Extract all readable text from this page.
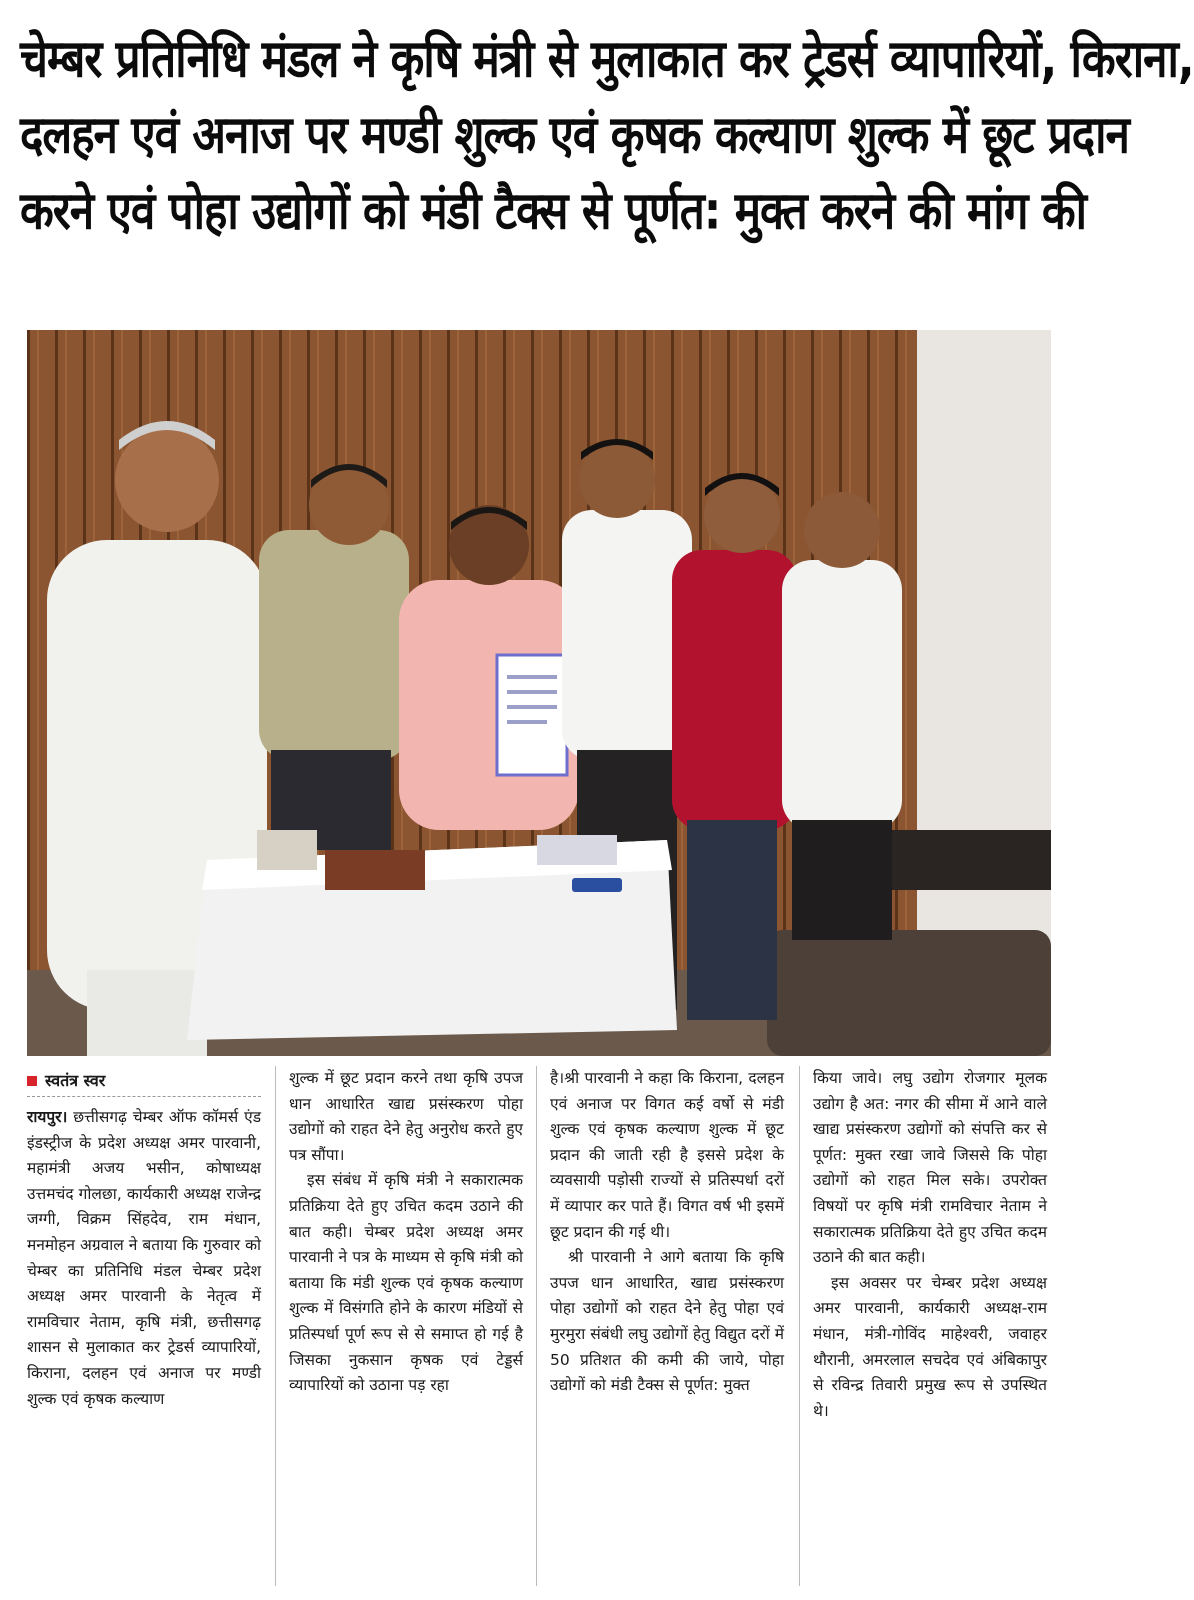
चेम्बर प्रतिनिधि मंडल ने कृषि मंत्री से मुलाकात कर ट्रेडर्स व्यापारियों, किराना,
दलहन एवं अनाज पर मण्डी शुल्क एवं कृषक कल्याण शुल्क में छूट प्रदान
करने एवं पोहा उद्योगों को मंडी टैक्स से पूर्णत: मुक्त करने की मांग की
स्वतंत्र स्वर

रायपुर। छत्तीसगढ़ चेम्बर ऑफ कॉमर्स एंड इंडस्ट्रीज के प्रदेश अध्यक्ष अमर पारवानी, महामंत्री अजय भसीन, कोषाध्यक्ष उत्तमचंद गोलछा, कार्यकारी अध्यक्ष राजेन्द्र जग्गी, विक्रम सिंहदेव, राम मंधान, मनमोहन अग्रवाल ने बताया कि गुरुवार को चेम्बर का प्रतिनिधि मंडल चेम्बर प्रदेश अध्यक्ष अमर पारवानी के नेतृत्व में रामविचार नेताम, कृषि मंत्री, छत्तीसगढ़ शासन से मुलाकात कर ट्रेडर्स व्यापारियों, किराना, दलहन एवं अनाज पर मण्डी शुल्क एवं कृषक कल्याण

शुल्क में छूट प्रदान करने तथा कृषि उपज धान आधारित खाद्य प्रसंस्करण पोहा उद्योगों को राहत देने हेतु अनुरोध करते हुए पत्र सौंपा।

इस संबंध में कृषि मंत्री ने सकारात्मक प्रतिक्रिया देते हुए उचित कदम उठाने की बात कही। चेम्बर प्रदेश अध्यक्ष अमर पारवानी ने पत्र के माध्यम से कृषि मंत्री को बताया कि मंडी शुल्क एवं कृषक कल्याण शुल्क में विसंगति होने के कारण मंडियों से प्रतिस्पर्धा पूर्ण रूप से से समाप्त हो गई है जिसका नुकसान कृषक एवं टेड्डर्स व्यापारियों को उठाना पड़ रहा

है।श्री पारवानी ने कहा कि किराना, दलहन एवं अनाज पर विगत कई वर्षो से मंडी शुल्क एवं कृषक कल्याण शुल्क में छूट प्रदान की जाती रही है इससे प्रदेश के व्यवसायी पड़ोसी राज्यों से प्रतिस्पर्धा दरों में व्यापार कर पाते हैं। विगत वर्ष भी इसमें छूट प्रदान की गई थी।

श्री पारवानी ने आगे बताया कि कृषि उपज धान आधारित, खाद्य प्रसंस्करण पोहा उद्योगों को राहत देने हेतु पोहा एवं मुरमुरा संबंधी लघु उद्योगों हेतु विद्युत दरों में 50 प्रतिशत की कमी की जाये, पोहा उद्योगों को मंडी टैक्स से पूर्णत: मुक्त

किया जावे। लघु उद्योग रोजगार मूलक उद्योग है अत: नगर की सीमा में आने वाले खाद्य प्रसंस्करण उद्योगों को संपत्ति कर से पूर्णत: मुक्त रखा जावे जिससे कि पोहा उद्योगों को राहत मिल सके। उपरोक्त विषयों पर कृषि मंत्री रामविचार नेताम ने सकारात्मक प्रतिक्रिया देते हुए उचित कदम उठाने की बात कही।

इस अवसर पर चेम्बर प्रदेश अध्यक्ष अमर पारवानी, कार्यकारी अध्यक्ष-राम मंधान, मंत्री-गोविंद माहेश्वरी, जवाहर थौरानी, अमरलाल सचदेव एवं अंबिकापुर से रविन्द्र तिवारी प्रमुख रूप से उपस्थित थे।
